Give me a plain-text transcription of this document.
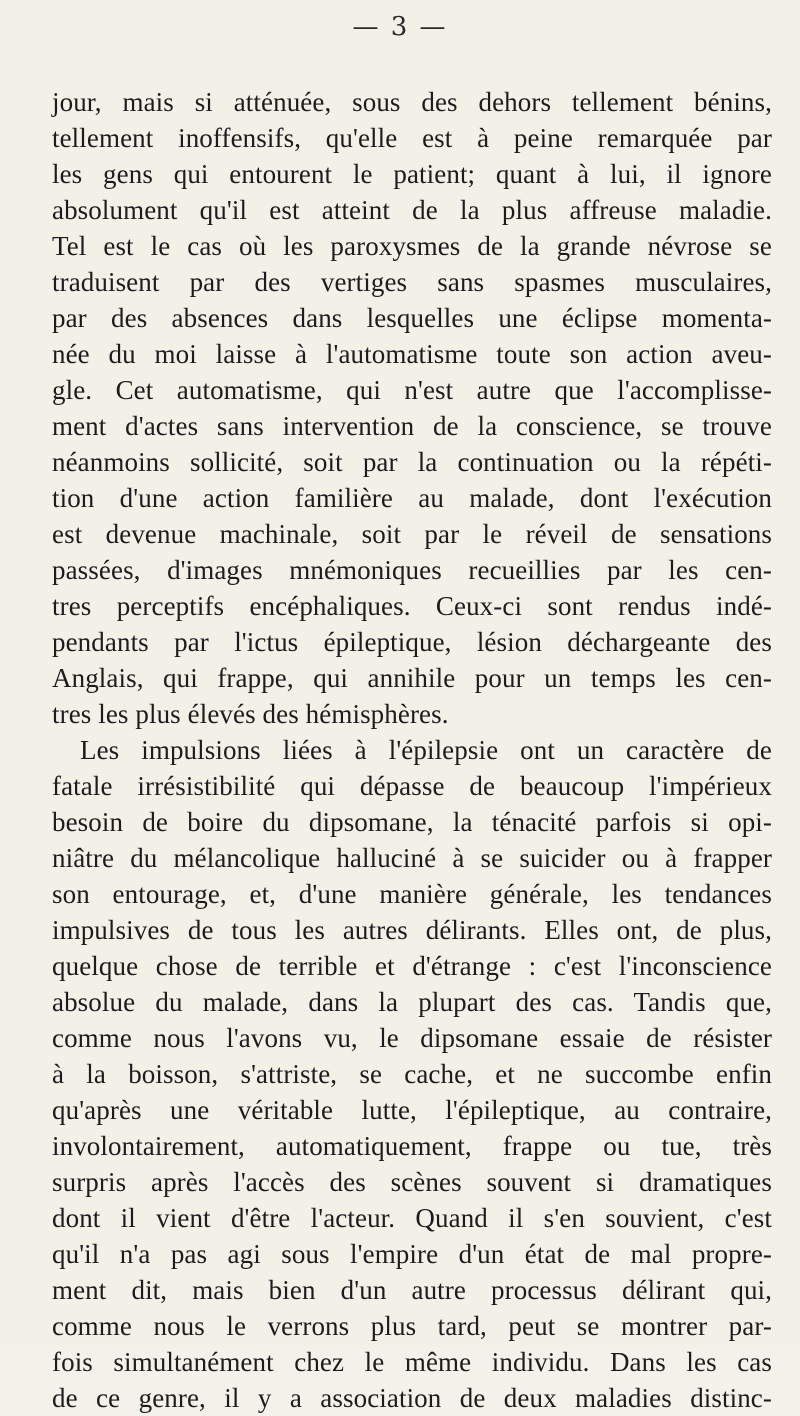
— 3 —
jour, mais si atténuée, sous des dehors tellement bénins,
tellement inoffensifs, qu'elle est à peine remarquée par
les gens qui entourent le patient; quant à lui, il ignore
absolument qu'il est atteint de la plus affreuse maladie.
Tel est le cas où les paroxysmes de la grande névrose se
traduisent par des vertiges sans spasmes musculaires,
par des absences dans lesquelles une éclipse momenta-
née du moi laisse à l'automatisme toute son action aveu-
gle. Cet automatisme, qui n'est autre que l'accomplisse-
ment d'actes sans intervention de la conscience, se trouve
néanmoins sollicité, soit par la continuation ou la répéti-
tion d'une action familière au malade, dont l'exécution
est devenue machinale, soit par le réveil de sensations
passées, d'images mnémoniques recueillies par les cen-
tres perceptifs encéphaliques. Ceux-ci sont rendus indé-
pendants par l'ictus épileptique, lésion déchargeante des
Anglais, qui frappe, qui annihile pour un temps les cen-
tres les plus élevés des hémisphères.
Les impulsions liées à l'épilepsie ont un caractère de
fatale irrésistibilité qui dépasse de beaucoup l'impérieux
besoin de boire du dipsomane, la ténacité parfois si opi-
niâtre du mélancolique halluciné à se suicider ou à frapper
son entourage, et, d'une manière générale, les tendances
impulsives de tous les autres délirants. Elles ont, de plus,
quelque chose de terrible et d'étrange : c'est l'inconscience
absolue du malade, dans la plupart des cas. Tandis que,
comme nous l'avons vu, le dipsomane essaie de résister
à la boisson, s'attriste, se cache, et ne succombe enfin
qu'après une véritable lutte, l'épileptique, au contraire,
involontairement, automatiquement, frappe ou tue, très
surpris après l'accès des scènes souvent si dramatiques
dont il vient d'être l'acteur. Quand il s'en souvient, c'est
qu'il n'a pas agi sous l'empire d'un état de mal propre-
ment dit, mais bien d'un autre processus délirant qui,
comme nous le verrons plus tard, peut se montrer par-
fois simultanément chez le même individu. Dans les cas
de ce genre, il y a association de deux maladies distinc-
